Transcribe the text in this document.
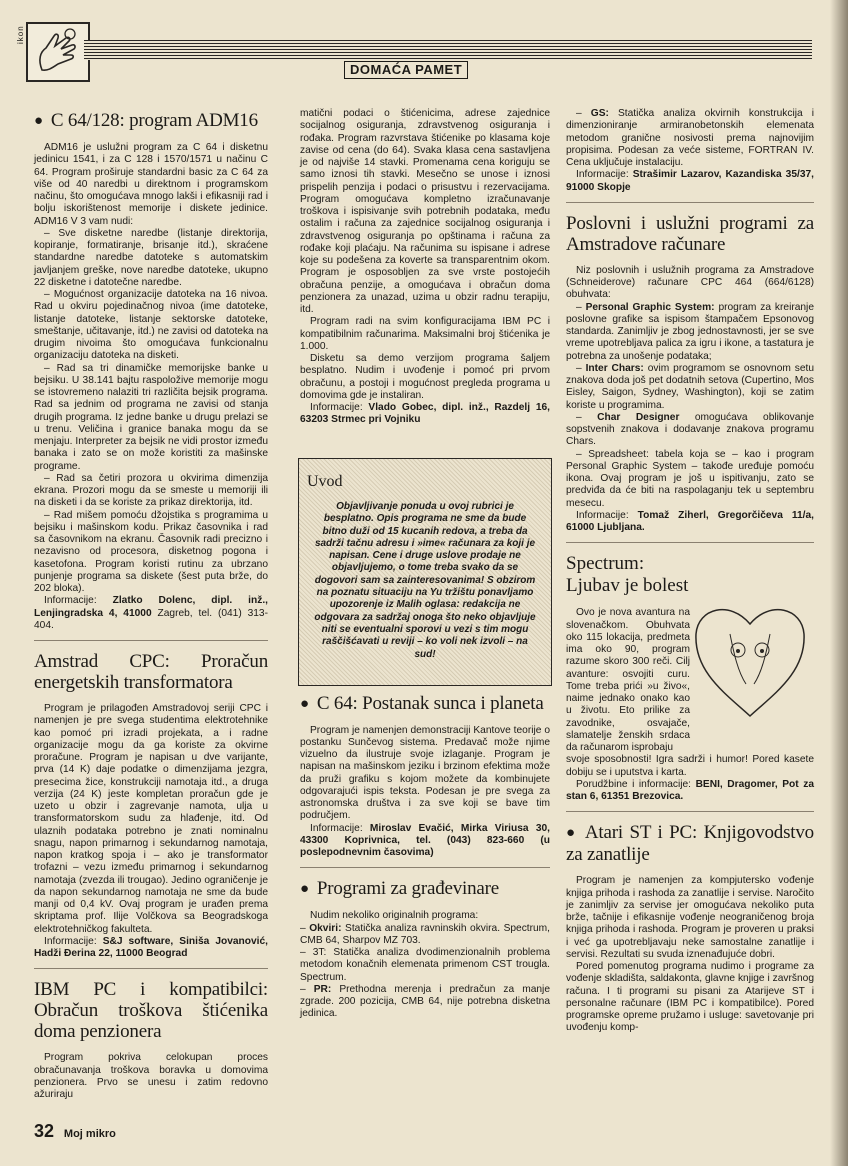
ikon
DOMAĆA PAMET
● C 64/128: program ADM16

ADM16 je uslužni program za C 64 i disketnu jedinicu 1541, i za C 128 i 1570/1571 u načinu C 64. Program proširuje standardni basic za C 64 za više od 40 naredbi u direktnom i programskom načinu, što omogućava mnogo lakši i efikasniji rad i bolju iskorištenost memorije i diskete jedinice. ADM16 V 3 vam nudi:

– Sve disketne naredbe (listanje direktorija, kopiranje, formatiranje, brisanje itd.), skraćene standardne naredbe datoteke s automatskim javljanjem greške, nove naredbe datoteke, ukupno 22 disketne i datotečne naredbe.

– Mogućnost organizacije datoteka na 16 nivoa. Rad u okviru pojedinačnog nivoa (ime datoteke, listanje datoteke, listanje sektorske datoteke, smeštanje, učitavanje, itd.) ne zavisi od datoteka na drugim nivoima što omogućava funkcionalnu organizaciju datoteka na disketi.

– Rad sa tri dinamičke memorijske banke u bejsiku. U 38.141 bajtu raspoložive memorije mogu se istovremeno nalaziti tri različita bejsik programa. Rad sa jednim od programa ne zavisi od stanja drugih programa. Iz jedne banke u drugu prelazi se u trenu. Veličina i granice banaka mogu da se menjaju. Interpreter za bejsik ne vidi prostor između banaka i zato se on može koristiti za mašinske programe.

– Rad sa četiri prozora u okvirima dimenzija ekrana. Prozori mogu da se smeste u memoriji ili na disketi i da se koriste za prikaz direktorija, itd.

– Rad mišem pomoću džojstika s programima u bejsiku i mašinskom kodu. Prikaz časovnika i rad sa časovnikom na ekranu. Časovnik radi precizno i nezavisno od procesora, disketnog pogona i kasetofona. Program koristi rutinu za ubrzano punjenje programa sa diskete (šest puta brže, do 202 bloka).

Informacije: Zlatko Dolenc, dipl. inž., Lenjingradska 4, 41000 Zagreb, tel. (041) 313-404.

Amstrad CPC: Proračun energetskih transformatora

Program je prilagođen Amstradovoj seriji CPC i namenjen je pre svega studentima elektrotehnike kao pomoć pri izradi projekata, a i radne organizacije mogu da ga koriste za okvirne proračune. Program je napisan u dve varijante, prva (14 K) daje podatke o dimenzijama jezgra, presecima žice, konstrukciji namotaja itd., a druga verzija (24 K) jeste kompletan proračun gde je uzeto u obzir i zagrevanje namota, ulja u transformatorskom sudu za hlađenje, itd. Od ulaznih podataka potrebno je znati nominalnu snagu, napon primarnog i sekundarnog namotaja, napon kratkog spoja i – ako je transformator trofazni – vezu između primarnog i sekundarnog namotaja (zvezda ili trougao). Jedino ograničenje je da napon sekundarnog namotaja ne sme da bude manji od 0,4 kV. Ovaj program je urađen prema skriptama prof. Ilije Volčkova sa Beogradskoga elektrotehničkog fakulteta.

Informacije: S&J software, Siniša Jovanović, Hadži Đerina 22, 11000 Beograd

IBM PC i kompatibilci: Obračun troškova štićenika doma penzionera

Program pokriva celokupan proces obračunavanja troškova boravka u domovima penzionera. Prvo se unesu i zatim redovno ažuriraju

matični podaci o štićenicima, adrese zajednice socijalnog osiguranja, zdravstvenog osiguranja i rođaka. Program razvrstava štićenike po klasama koje zavise od cena (do 64). Svaka klasa cena sastavljena je od najviše 14 stavki. Promenama cena koriguju se samo iznosi tih stavki. Mesečno se unose i iznosi prispelih penzija i podaci o prisustvu i rezervacijama. Program omogućava kompletno izračunavanje troškova i ispisivanje svih potrebnih podataka, među ostalim i računa za zajednice socijalnog osiguranja i zdravstvenog osiguranja po opštinama i računa za rođake koji plaćaju. Na računima su ispisane i adrese koje su podešena za koverte sa transparentnim okom. Program je osposobljen za sve vrste postojećih obračuna penzije, a omogućava i obračun doma penzionera za unazad, uzima u obzir radnu terapiju, itd.

Program radi na svim konfiguracijama IBM PC i kompatibilnim računarima. Maksimalni broj štićenika je 1.000.

Disketu sa demo verzijom programa šaljem besplatno. Nudim i uvođenje i pomoć pri prvom obračunu, a postoji i mogućnost pregleda programa u domovima gde je instaliran.

Informacije: Vlado Gobec, dipl. inž., Razdelj 16, 63203 Strmec pri Vojniku

● C 64: Postanak sunca i planeta

Program je namenjen demonstraciji Kantove teorije o postanku Sunčevog sistema. Predavač može njime vizuelno da ilustruje svoje izlaganje. Program je napisan na mašinskom jeziku i brzinom efektima može da pruži grafiku s kojom možete da kombinujete odgovarajući ispis teksta. Podesan je pre svega za astronomska društva i za sve koji se bave tim područjem.

Informacije: Miroslav Evačić, Mirka Viriusa 30, 43300 Koprivnica, tel. (043) 823-660 (u poslepodnevnim časovima)

● Programi za građevinare

Nudim nekoliko originalnih programa:

– Okviri: Statička analiza ravninskih okvira. Spectrum, CMB 64, Sharpov MZ 703.

– 3T: Statička analiza dvodimenzionalnih problema metodom konačnih elemenata primenom CST trougla. Spectrum.

– PR: Prethodna merenja i predračun za manje zgrade. 200 pozicija, CMB 64, nije potrebna disketna jedinica.

Uvod
Objavljivanje ponuda u ovoj rubrici je besplatno. Opis programa ne sme da bude bitno duži od 15 kucanih redova, a treba da sadrži tačnu adresu i »ime« računara za koji je napisan. Cene i druge uslove prodaje ne objavljujemo, o tome treba svako da se dogovori sam sa zainteresovanima! S obzirom na poznatu situaciju na Yu tržištu ponavljamo upozorenje iz Malih oglasa: redakcija ne odgovara za sadržaj onoga što neko objavljuje niti se eventualni sporovi u vezi s tim mogu raščišćavati u reviji – ko voli nek izvoli – na sud!

– GS: Statička analiza okvirnih konstrukcija i dimenzioniranje armiranobetonskih elemenata metodom granične nosivosti prema najnovijim propisima. Podesan za veće sisteme, FORTRAN IV. Cena uključuje instalaciju.

Informacije: Strašimir Lazarov, Kazandiska 35/37, 91000 Skopje

Poslovni i uslužni programi za Amstradove računare

Niz poslovnih i uslužnih programa za Amstradove (Schneiderove) računare CPC 464 (664/6128) obuhvata:

– Personal Graphic System: program za kreiranje poslovne grafike sa ispisom štampačem Epsonovog standarda. Zanimljiv je zbog jednostavnosti, jer se sve vreme upotrebljava palica za igru i ikone, a tastatura je potrebna za unošenje podataka;

– Inter Chars: ovim programom se osnovnom setu znakova doda još pet dodatnih setova (Cupertino, Mos Eisley, Saigon, Sydney, Washington), koji se zatim koriste u programima.

– Char Designer omogućava oblikovanje sopstvenih znakova i dodavanje znakova programu Chars.

– Spreadsheet: tabela koja se – kao i program Personal Graphic System – takođe uređuje pomoću ikona. Ovaj program je još u ispitivanju, zato se predviđa da će biti na raspolaganju tek u septembru mesecu.

Informacije: Tomaž Ziherl, Gregorčičeva 11/a, 61000 Ljubljana.

Spectrum: Ljubav je bolest

Ovo je nova avantura na slovenačkom. Obuhvata oko 115 lokacija, predmeta ima oko 90, program razume skoro 300 reči. Cilj avanture: osvojiti curu. Tome treba prići »u živo«, naime jednako onako kao u životu. Eto prilike za zavodnike, osvajače, slamatelje ženskih srdaca da računarom isprobaju

svoje sposobnosti! Igra sadrži i humor! Pored kasete dobiju se i uputstva i karta.

Porudžbine i informacije: BENI, Dragomer, Pot za stan 6, 61351 Brezovica.

● Atari ST i PC: Knjigovodstvo za zanatlije

Program je namenjen za kompjutersko vođenje knjiga prihoda i rashoda za zanatlije i servise. Naročito je zanimljiv za servise jer omogućava nekoliko puta brže, tačnije i efikasnije vođenje neograničenog broja knjiga prihoda i rashoda. Program je proveren u praksi i već ga upotrebljavaju neke samostalne zanatlije i servisi. Rezultati su svuda iznenađujuće dobri.

Pored pomenutog programa nudimo i programe za vođenje skladišta, saldakonta, glavne knjige i završnog računa. I ti programi su pisani za Atarijeve ST i personalne računare (IBM PC i kompatibilce). Pored programske opreme pružamo i usluge: savetovanje pri uvođenju komp-

32 Moj mikro
